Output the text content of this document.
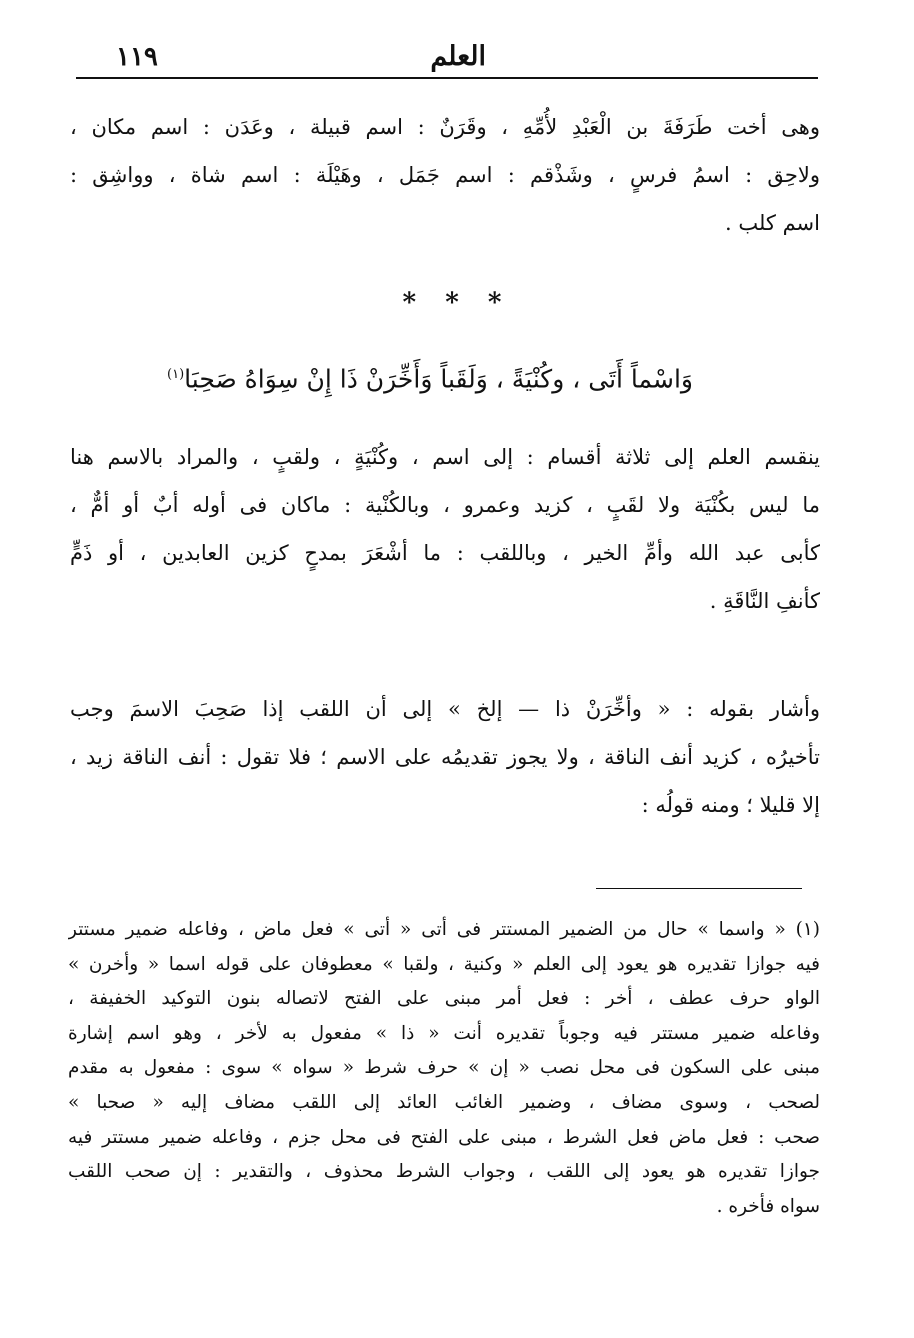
١١٩	العلم
وهى أخت طَرَفَةَ بن الْعَبْدِ لأُمِّهِ ، وقَرَنٌ : اسم قبيلة ، وعَدَن : اسم مكان ،
ولاحِق : اسمُ فرسٍ ، وشَذْقم : اسم جَمَل ، وهَيْلَة : اسم شاة ، وواشِق :
اسم كلب .
* * *
وَاسْماً أَتَى ، وكُنْيَةً ، وَلَقَباً وَأَخِّرَنْ ذَا إِنْ سِوَاهُ صَحِبَا$^{(١)}$
ينقسم العلم إلى ثلاثة أقسام : إلى اسم ، وكُنْيَةٍ ، ولقبٍ ، والمراد بالاسم هنا
ما ليس بكُنْيَة ولا لقَبٍ ، كزيد وعمرو ، وبالكُنْية : ماكان فى أوله أبٌ أو أمٌّ ،
كأبى عبد الله وأمِّ الخير ، وباللقب : ما أشْعَرَ بمدحٍ كزين العابدين ، أو ذَمٍّ
كأنفِ النَّاقَةِ .
وأشار بقوله : « وأخِّرَنْ ذا — إلخ » إلى أن اللقب إذا صَحِبَ الاسمَ وجب
تأخيرُه ، كزيد أنف الناقة ، ولا يجوز تقديمُه على الاسم ؛ فلا تقول : أنف الناقة زيد ،
إلا قليلا ؛ ومنه قولُه :
(١) « واسما » حال من الضمير المستتر فى أتى « أتى » فعل ماض ، وفاعله ضمير مستتر
فيه جوازا تقديره هو يعود إلى العلم « وكنية ، ولقبا » معطوفان على قوله اسما « وأخرن »
الواو حرف عطف ، أخر : فعل أمر مبنى على الفتح لاتصاله بنون التوكيد الخفيفة ،
وفاعله ضمير مستتر فيه وجوباً تقديره أنت « ذا » مفعول به لأخر ، وهو اسم إشارة
مبنى على السكون فى محل نصب « إن » حرف شرط « سواه » سوى : مفعول به مقدم
لصحب ، وسوى مضاف ، وضمير الغائب العائد إلى اللقب مضاف إليه « صحبا »
صحب : فعل ماض فعل الشرط ، مبنى على الفتح فى محل جزم ، وفاعله ضمير مستتر فيه
جوازا تقديره هو يعود إلى اللقب ، وجواب الشرط محذوف ، والتقدير : إن صحب اللقب
سواه فأخره .
